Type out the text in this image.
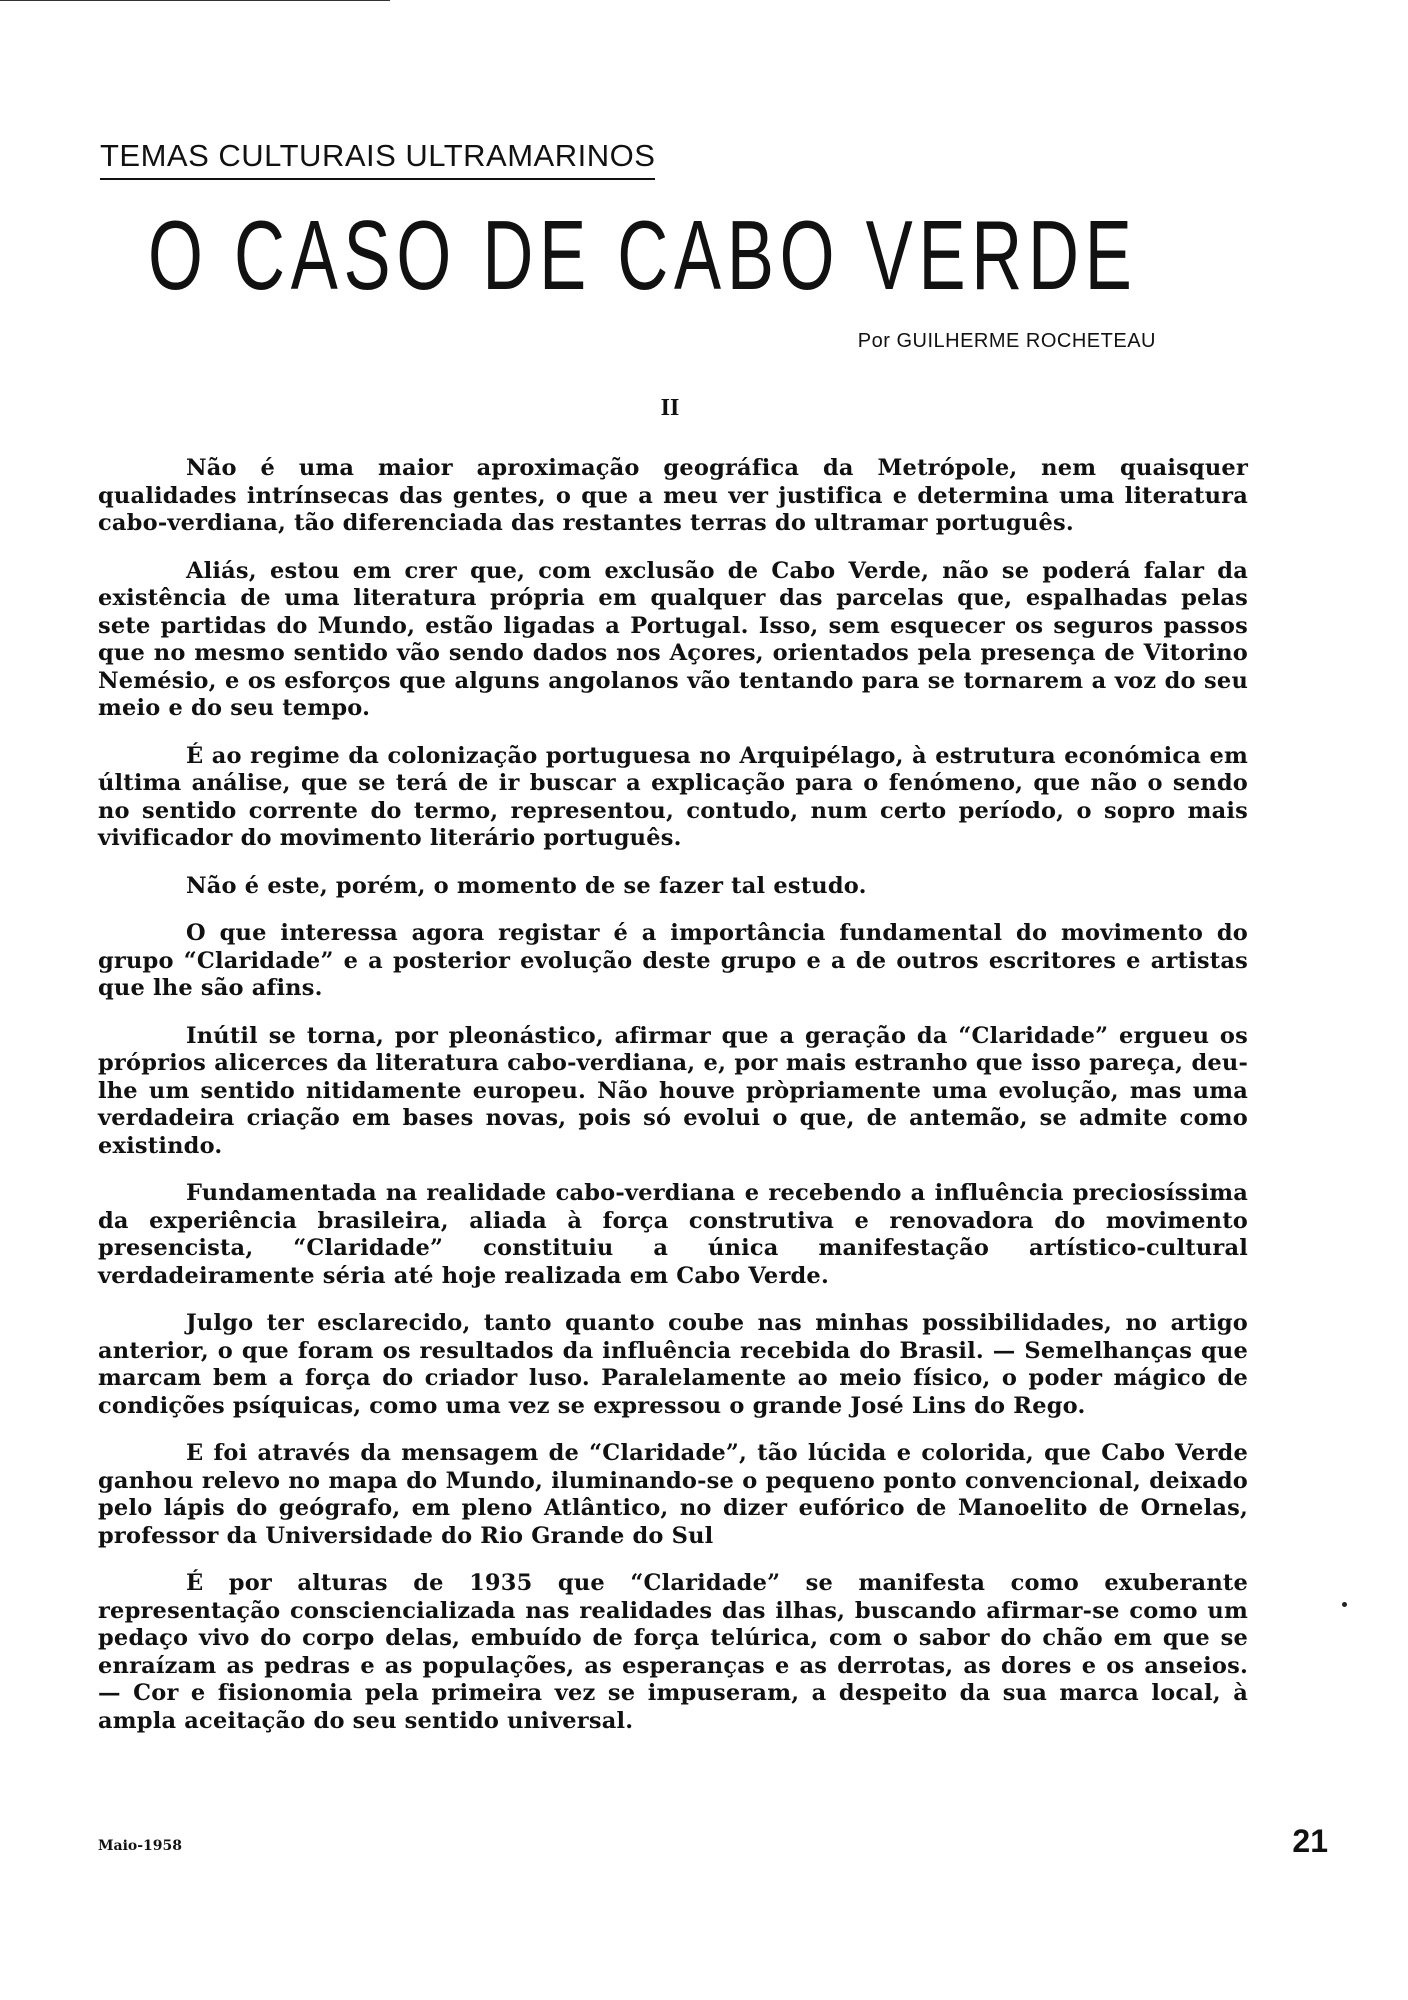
TEMAS CULTURAIS ULTRAMARINOS
O CASO DE CABO VERDE
Por GUILHERME ROCHETEAU
II

Não é uma maior aproximação geográfica da Metrópole, nem quaisquer qualidades intrínsecas das gentes, o que a meu ver justifica e determina uma literatura cabo-verdiana, tão diferenciada das restantes terras do ultramar português.

Aliás, estou em crer que, com exclusão de Cabo Verde, não se poderá falar da existência de uma literatura própria em qualquer das parcelas que, espalhadas pelas sete partidas do Mundo, estão ligadas a Portugal. Isso, sem esquecer os seguros passos que no mesmo sentido vão sendo dados nos Açores, orientados pela presença de Vitorino Nemésio, e os esforços que alguns angolanos vão tentando para se tornarem a voz do seu meio e do seu tempo.

É ao regime da colonização portuguesa no Arquipélago, à estrutura económica em última análise, que se terá de ir buscar a explicação para o fenómeno, que não o sendo no sentido corrente do termo, representou, contudo, num certo período, o sopro mais vivificador do movimento literário português.

Não é este, porém, o momento de se fazer tal estudo.

O que interessa agora registar é a importância fundamental do movimento do grupo “Claridade” e a posterior evolução deste grupo e a de outros escritores e artistas que lhe são afins.

Inútil se torna, por pleonástico, afirmar que a geração da “Claridade” ergueu os próprios alicerces da literatura cabo-verdiana, e, por mais estranho que isso pareça, deu-lhe um sentido nitidamente europeu. Não houve pròpriamente uma evolução, mas uma verdadeira criação em bases novas, pois só evolui o que, de antemão, se admite como existindo.

Fundamentada na realidade cabo-verdiana e recebendo a influência preciosíssima da experiência brasileira, aliada à força construtiva e renovadora do movimento presencista, “Claridade” constituiu a única manifestação artístico-cultural verdadeiramente séria até hoje realizada em Cabo Verde.

Julgo ter esclarecido, tanto quanto coube nas minhas possibilidades, no artigo anterior, o que foram os resultados da influência recebida do Brasil. — Semelhanças que marcam bem a força do criador luso. Paralelamente ao meio físico, o poder mágico de condições psíquicas, como uma vez se expressou o grande José Lins do Rego.

E foi através da mensagem de “Claridade”, tão lúcida e colorida, que Cabo Verde ganhou relevo no mapa do Mundo, iluminando-se o pequeno ponto convencional, deixado pelo lápis do geógrafo, em pleno Atlântico, no dizer eufórico de Manoelito de Ornelas, professor da Universidade do Rio Grande do Sul

É por alturas de 1935 que “Claridade” se manifesta como exuberante representação consciencializada nas realidades das ilhas, buscando afirmar-se como um pedaço vivo do corpo delas, embuído de força telúrica, com o sabor do chão em que se enraízam as pedras e as populações, as esperanças e as derrotas, as dores e os anseios. — Cor e fisionomia pela primeira vez se impuseram, a despeito da sua marca local, à ampla aceitação do seu sentido universal.

Maio-1958	21
